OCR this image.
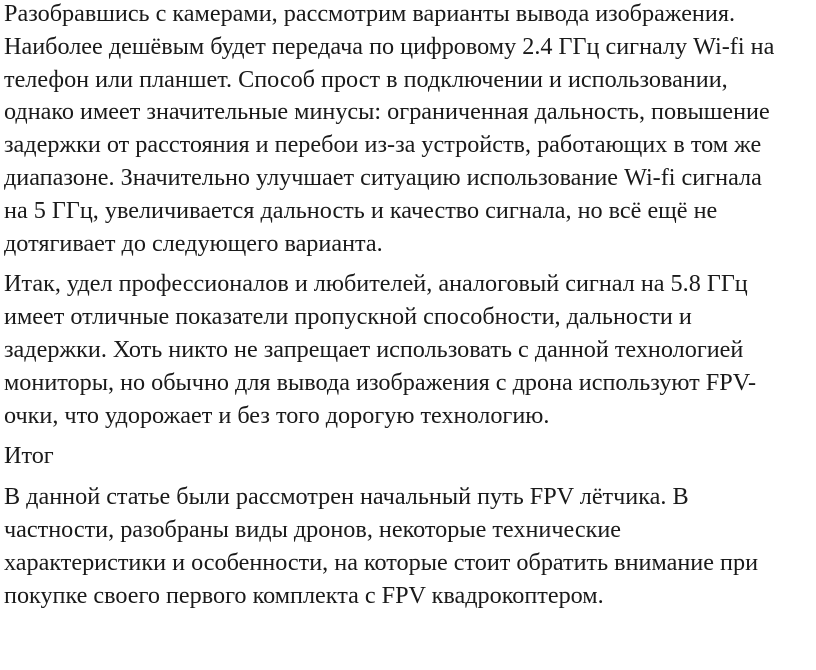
Разобравшись с камерами, рассмотрим варианты вывода изображения.
Наиболее дешёвым будет передача по цифровому 2.4 ГГц сигналу Wi-fi на
телефон или планшет. Способ прост в подключении и использовании,
однако имеет значительные минусы: ограниченная дальность, повышение
задержки от расстояния и перебои из-за устройств, работающих в том же
диапазоне. Значительно улучшает ситуацию использование Wi-fi сигнала
на 5 ГГц, увеличивается дальность и качество сигнала, но всё ещё не
дотягивает до следующего варианта.

Итак, удел профессионалов и любителей, аналоговый сигнал на 5.8 ГГц
имеет отличные показатели пропускной способности, дальности и
задержки. Хоть никто не запрещает использовать с данной технологией
мониторы, но обычно для вывода изображения с дрона используют FPV-
очки, что удорожает и без того дорогую технологию.

Итог

В данной статье были рассмотрен начальный путь FPV лётчика. В
частности, разобраны виды дронов, некоторые технические
характеристики и особенности, на которые стоит обратить внимание при
покупке своего первого комплекта с FPV квадрокоптером.
